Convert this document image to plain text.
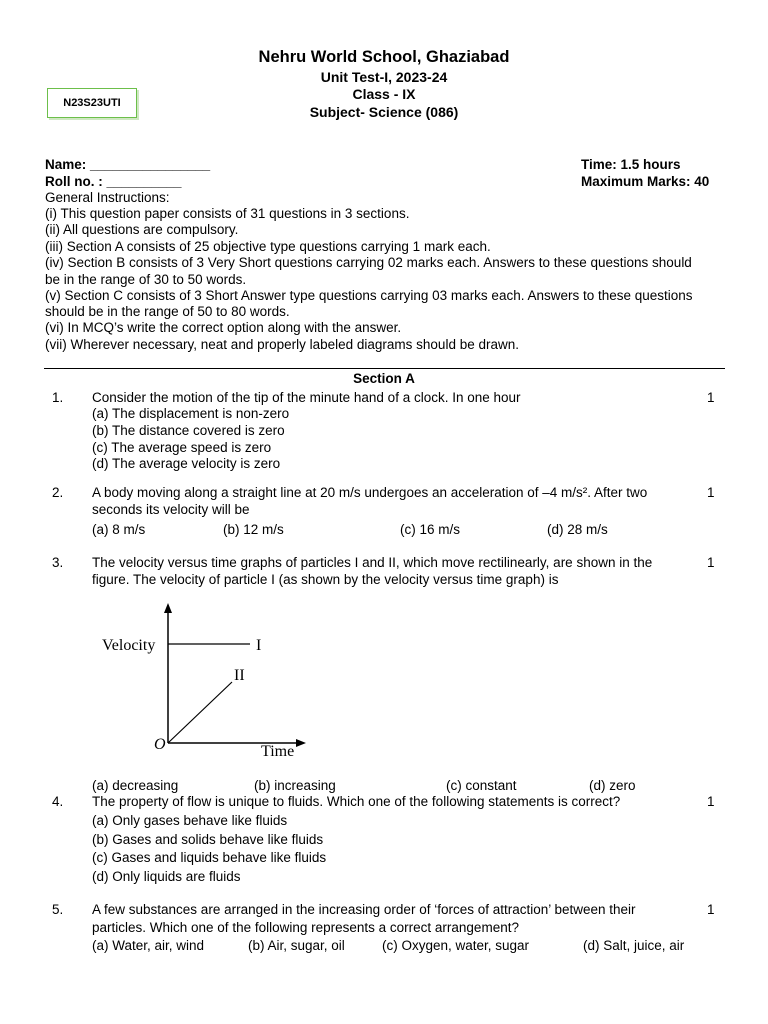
Nehru World School, Ghaziabad
Unit Test-I, 2023-24
Class - IX
Subject- Science (086)
N23S23UTI
Name: ________________
Roll no. : __________
Time: 1.5 hours
Maximum Marks: 40
General Instructions:
(i) This question paper consists of 31 questions in 3 sections.
(ii) All questions are compulsory.
(iii) Section A consists of 25 objective type questions carrying 1 mark each.
(iv) Section B consists of 3 Very Short questions carrying 02 marks each. Answers to these questions should
be in the range of 30 to 50 words.
(v) Section C consists of 3 Short Answer type questions carrying 03 marks each. Answers to these questions
should be in the range of 50 to 80 words.
(vi) In MCQ’s write the correct option along with the answer.
(vii) Wherever necessary, neat and properly labeled diagrams should be drawn.
Section A
1.	1
Consider the motion of the tip of the minute hand of a clock. In one hour
(a) The displacement is non-zero
(b) The distance covered is zero
(c) The average speed is zero
(d) The average velocity is zero
2.	1
A body moving along a straight line at 20 m/s undergoes an acceleration of –4 m/s². After two
seconds its velocity will be
(a) 8 m/s	(b) 12 m/s	(c) 16 m/s	(d) 28 m/s
3.	1
The velocity versus time graphs of particles I and II, which move rectilinearly, are shown in the
figure. The velocity of particle I (as shown by the velocity versus time graph) is
Velocity	I
II
O	Time
(a) decreasing	(b) increasing	(c) constant	(d) zero
4.	1
The property of flow is unique to fluids. Which one of the following statements is correct?
(a) Only gases behave like fluids
(b) Gases and solids behave like fluids
(c) Gases and liquids behave like fluids
(d) Only liquids are fluids
5.	1
A few substances are arranged in the increasing order of ‘forces of attraction’ between their
particles. Which one of the following represents a correct arrangement?
(a) Water, air, wind	(b) Air, sugar, oil	(c) Oxygen, water, sugar	(d) Salt, juice, air
